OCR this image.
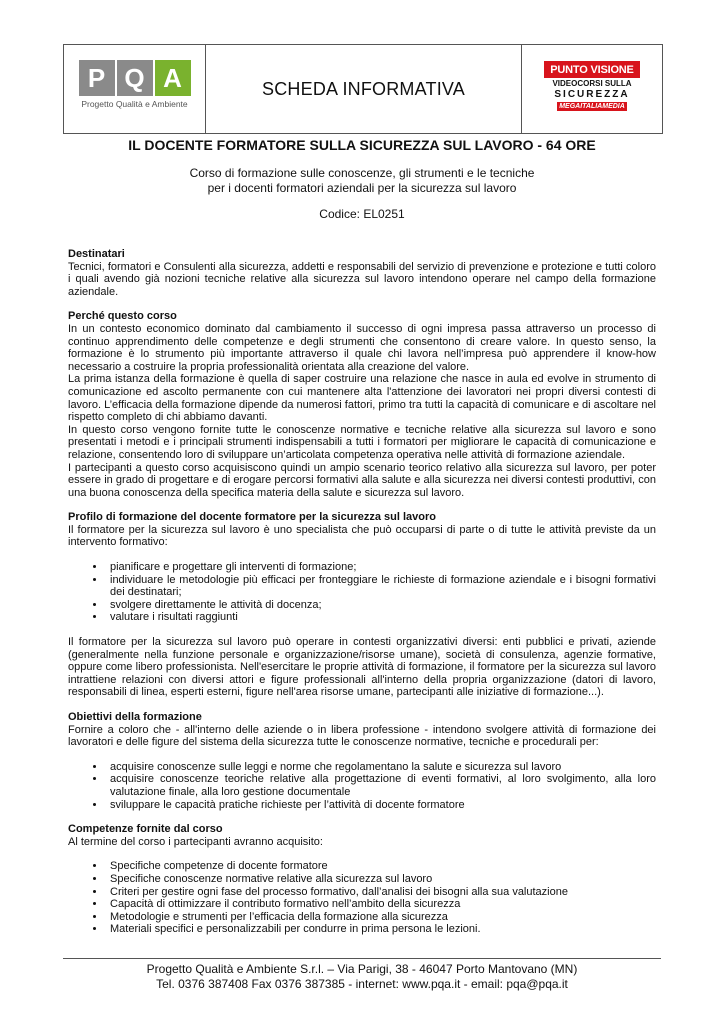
P Q A
Progetto Qualità e Ambiente
SCHEDA INFORMATIVA
PUNTO VISIONE
VIDEOCORSI SULLA
SICUREZZA
MEGAITALIAMEDIA
IL DOCENTE FORMATORE SULLA SICUREZZA SUL LAVORO - 64 ORE
Corso di formazione sulle conoscenze, gli strumenti e le tecniche
per i docenti formatori aziendali per la sicurezza sul lavoro
Codice: EL0251

Destinatari

Tecnici, formatori e Consulenti alla sicurezza, addetti e responsabili del servizio di prevenzione e protezione e tutti coloro i quali avendo già nozioni tecniche relative alla sicurezza sul lavoro intendono operare nel campo della formazione aziendale.

Perché questo corso

In un contesto economico dominato dal cambiamento il successo di ogni impresa passa attraverso un processo di continuo apprendimento delle competenze e degli strumenti che consentono di creare valore. In questo senso, la formazione è lo strumento più importante attraverso il quale chi lavora nell’impresa può apprendere il know-how necessario a costruire la propria professionalità orientata alla creazione del valore.

La prima istanza della formazione è quella di saper costruire una relazione che nasce in aula ed evolve in strumento di comunicazione ed ascolto permanente con cui mantenere alta l'attenzione dei lavoratori nei propri diversi contesti di lavoro. L’efficacia della formazione dipende da numerosi fattori, primo tra tutti la capacità di comunicare e di ascoltare nel rispetto completo di chi abbiamo davanti.

In questo corso vengono fornite tutte le conoscenze normative e tecniche relative alla sicurezza sul lavoro e sono presentati i metodi e i principali strumenti indispensabili a tutti i formatori per migliorare le capacità di comunicazione e relazione, consentendo loro di sviluppare un’articolata competenza operativa nelle attività di formazione aziendale.

I partecipanti a questo corso acquisiscono quindi un ampio scenario teorico relativo alla sicurezza sul lavoro, per poter essere in grado di progettare e di erogare percorsi formativi alla salute e alla sicurezza nei diversi contesti produttivi, con una buona conoscenza della specifica materia della salute e sicurezza sul lavoro.

Profilo di formazione del docente formatore per la sicurezza sul lavoro

Il formatore per la sicurezza sul lavoro è uno specialista che può occuparsi di parte o di tutte le attività previste da un intervento formativo:

• pianificare e progettare gli interventi di formazione;
• individuare le metodologie più efficaci per fronteggiare le richieste di formazione aziendale e i bisogni formativi dei destinatari;
• svolgere direttamente le attività di docenza;
• valutare i risultati raggiunti

Il formatore per la sicurezza sul lavoro può operare in contesti organizzativi diversi: enti pubblici e privati, aziende (generalmente nella funzione personale e organizzazione/risorse umane), società di consulenza, agenzie formative, oppure come libero professionista. Nell'esercitare le proprie attività di formazione, il formatore per la sicurezza sul lavoro intrattiene relazioni con diversi attori e figure professionali all'interno della propria organizzazione (datori di lavoro, responsabili di linea, esperti esterni, figure nell'area risorse umane, partecipanti alle iniziative di formazione...).

Obiettivi della formazione

Fornire a coloro che - all'interno delle aziende o in libera professione - intendono svolgere attività di formazione dei lavoratori e delle figure del sistema della sicurezza tutte le conoscenze normative, tecniche e procedurali per:

• acquisire conoscenze sulle leggi e norme che regolamentano la salute e sicurezza sul lavoro
• acquisire conoscenze teoriche relative alla progettazione di eventi formativi, al loro svolgimento, alla loro valutazione finale, alla loro gestione documentale
• sviluppare le capacità pratiche richieste per l’attività di docente formatore

Competenze fornite dal corso

Al termine del corso i partecipanti avranno acquisito:

• Specifiche competenze di docente formatore
• Specifiche conoscenze normative relative alla sicurezza sul lavoro
• Criteri per gestire ogni fase del processo formativo, dall’analisi dei bisogni alla sua valutazione
• Capacità di ottimizzare il contributo formativo nell’ambito della sicurezza
• Metodologie e strumenti per l’efficacia della formazione alla sicurezza
• Materiali specifici e personalizzabili per condurre in prima persona le lezioni.
Progetto Qualità e Ambiente S.r.l. – Via Parigi, 38 - 46047 Porto Mantovano (MN)
Tel. 0376 387408 Fax 0376 387385 - internet: www.pqa.it - email: pqa@pqa.it
